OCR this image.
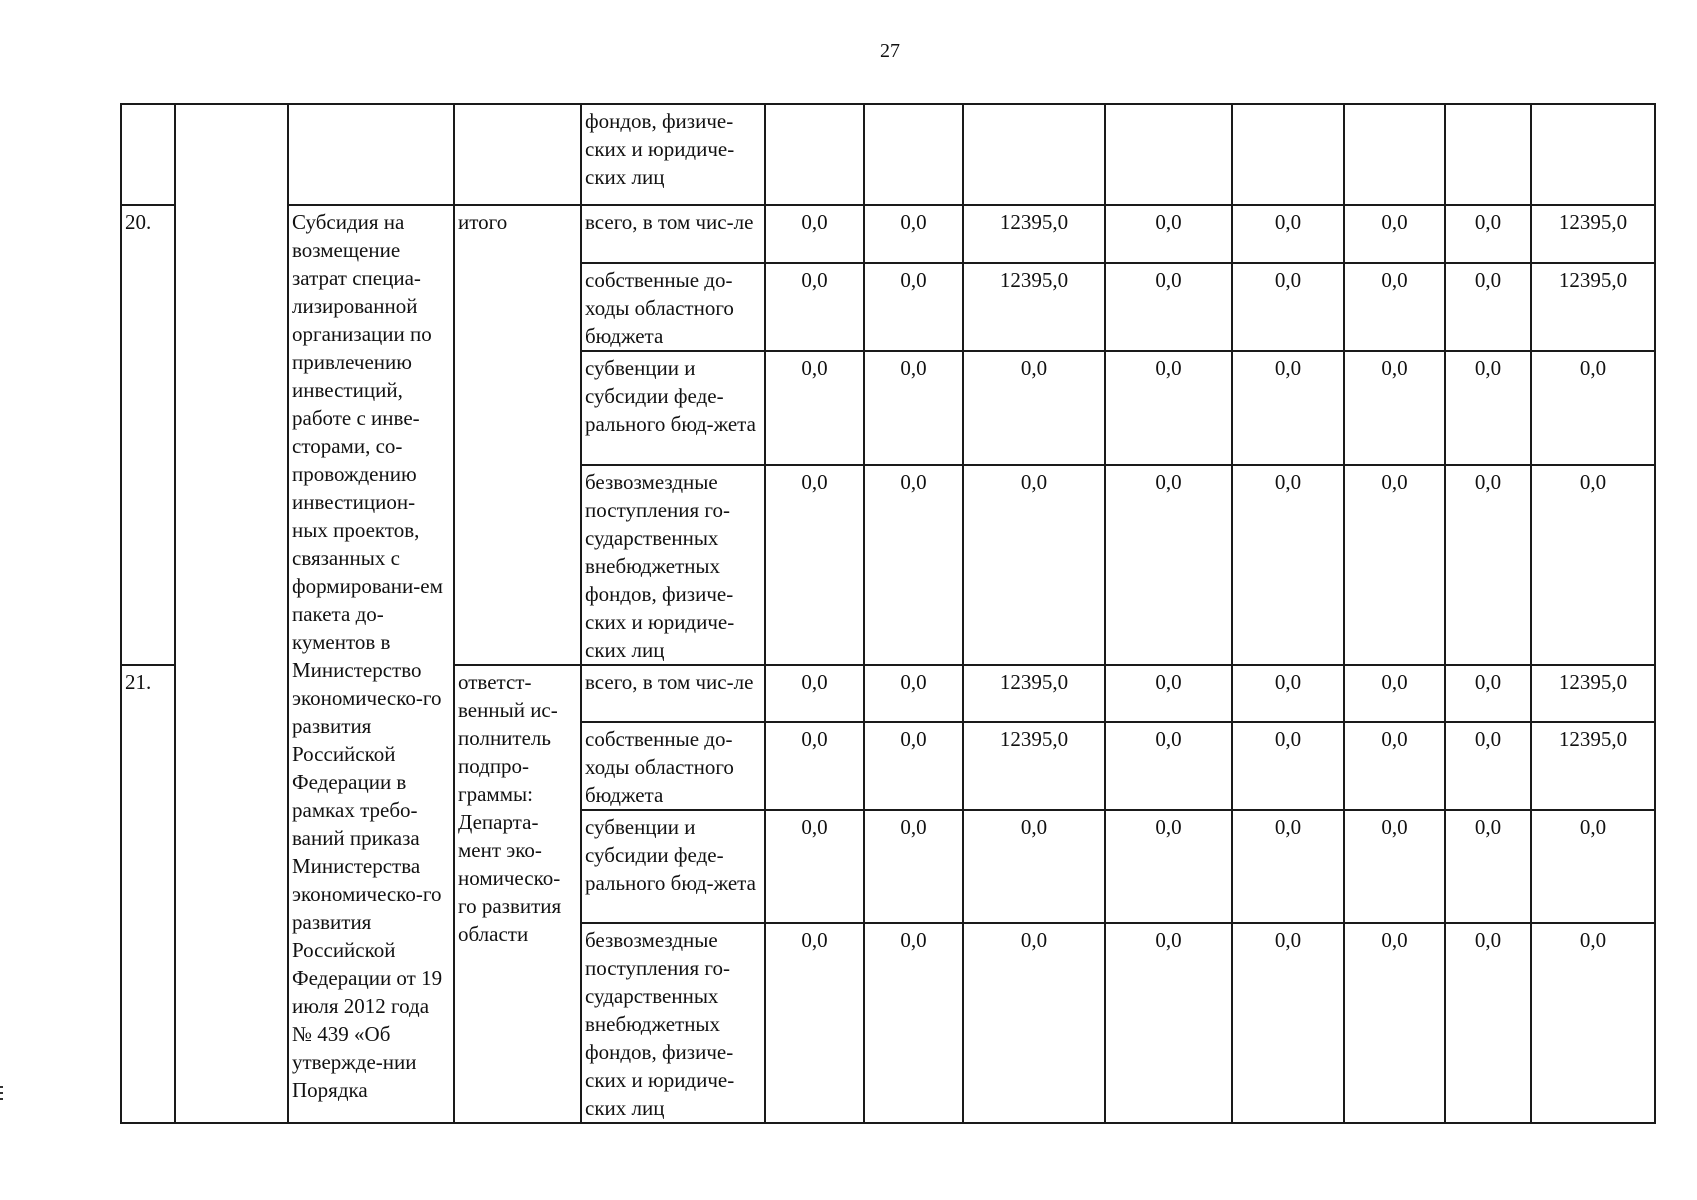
27
				фондов, физиче-ских и юридиче-ских лиц								
20.		Субсидия на возмещение затрат специа-лизированной организации по привлечению инвестиций, работе с инве-сторами, со-провождению инвестицион-ных проектов, связанных с формировани-ем пакета до-кументов в Министерство экономическо-го развития Российской Федерации в рамках требо-ваний приказа Министерства экономическо-го развития Российской Федерации от 19 июля 2012 года № 439 «Об утвержде-нии Порядка	итого	всего, в том чис-ле	0,0	0,0	12395,0	0,0	0,0	0,0	0,0	12395,0
				собственные до-ходы областного бюджета	0,0	0,0	12395,0	0,0	0,0	0,0	0,0	12395,0
				субвенции и субсидии феде-рального бюд-жета	0,0	0,0	0,0	0,0	0,0	0,0	0,0	0,0
				безвозмездные поступления го-сударственных внебюджетных фондов, физиче-ских и юридиче-ских лиц	0,0	0,0	0,0	0,0	0,0	0,0	0,0	0,0
21.			ответст-венный ис-полнитель подпро-граммы: Департа-мент эко-номическо-го развития области	всего, в том чис-ле	0,0	0,0	12395,0	0,0	0,0	0,0	0,0	12395,0
				собственные до-ходы областного бюджета	0,0	0,0	12395,0	0,0	0,0	0,0	0,0	12395,0
				субвенции и субсидии феде-рального бюд-жета	0,0	0,0	0,0	0,0	0,0	0,0	0,0	0,0
				безвозмездные поступления го-сударственных внебюджетных фондов, физиче-ских и юридиче-ских лиц	0,0	0,0	0,0	0,0	0,0	0,0	0,0	0,0
